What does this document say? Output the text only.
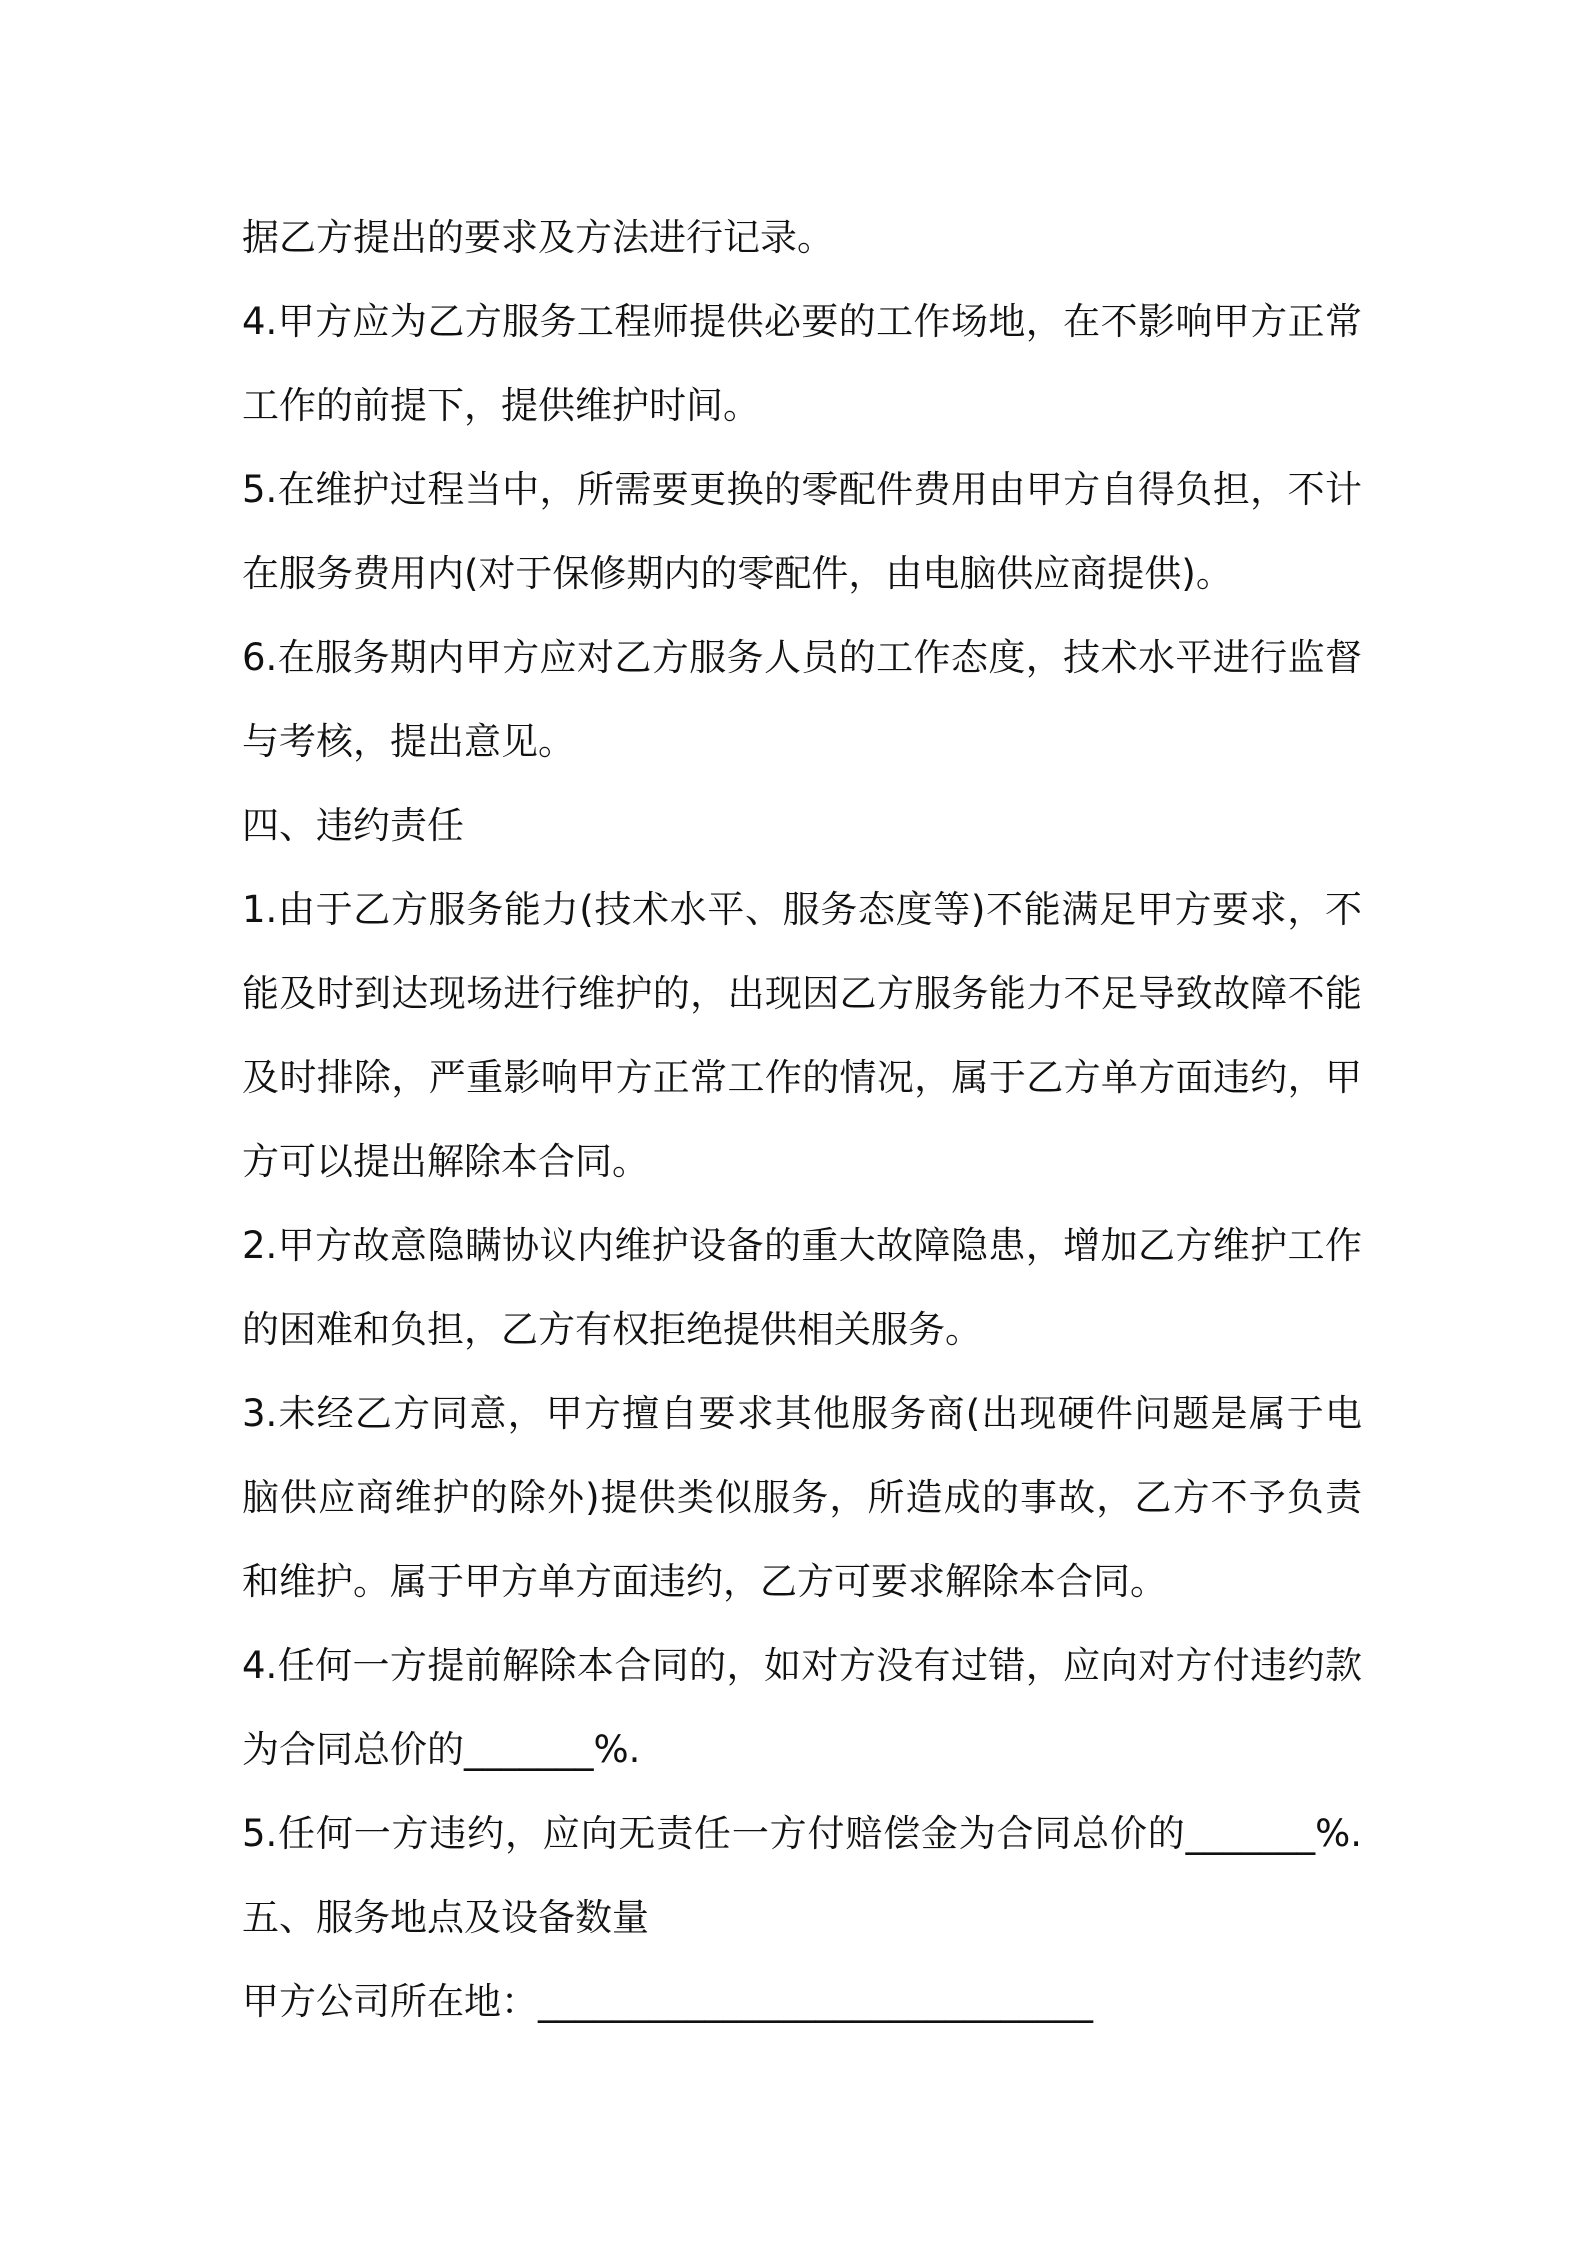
据乙方提出的要求及方法进行记录。
4.甲方应为乙方服务工程师提供必要的工作场地，在不影响甲方正常
工作的前提下，提供维护时间。
5.在维护过程当中，所需要更换的零配件费用由甲方自得负担，不计
在服务费用内(对于保修期内的零配件，由电脑供应商提供)。
6.在服务期内甲方应对乙方服务人员的工作态度，技术水平进行监督
与考核，提出意见。
四、违约责任
1.由于乙方服务能力(技术水平、服务态度等)不能满足甲方要求，不
能及时到达现场进行维护的，出现因乙方服务能力不足导致故障不能
及时排除，严重影响甲方正常工作的情况，属于乙方单方面违约，甲
方可以提出解除本合同。
2.甲方故意隐瞒协议内维护设备的重大故障隐患，增加乙方维护工作
的困难和负担，乙方有权拒绝提供相关服务。
3.未经乙方同意，甲方擅自要求其他服务商(出现硬件问题是属于电
脑供应商维护的除外)提供类似服务，所造成的事故，乙方不予负责
和维护。属于甲方单方面违约，乙方可要求解除本合同。
4.任何一方提前解除本合同的，如对方没有过错，应向对方付违约款
为合同总价的_______%.
5.任何一方违约，应向无责任一方付赔偿金为合同总价的_______%.
五、服务地点及设备数量
甲方公司所在地：______________________________
